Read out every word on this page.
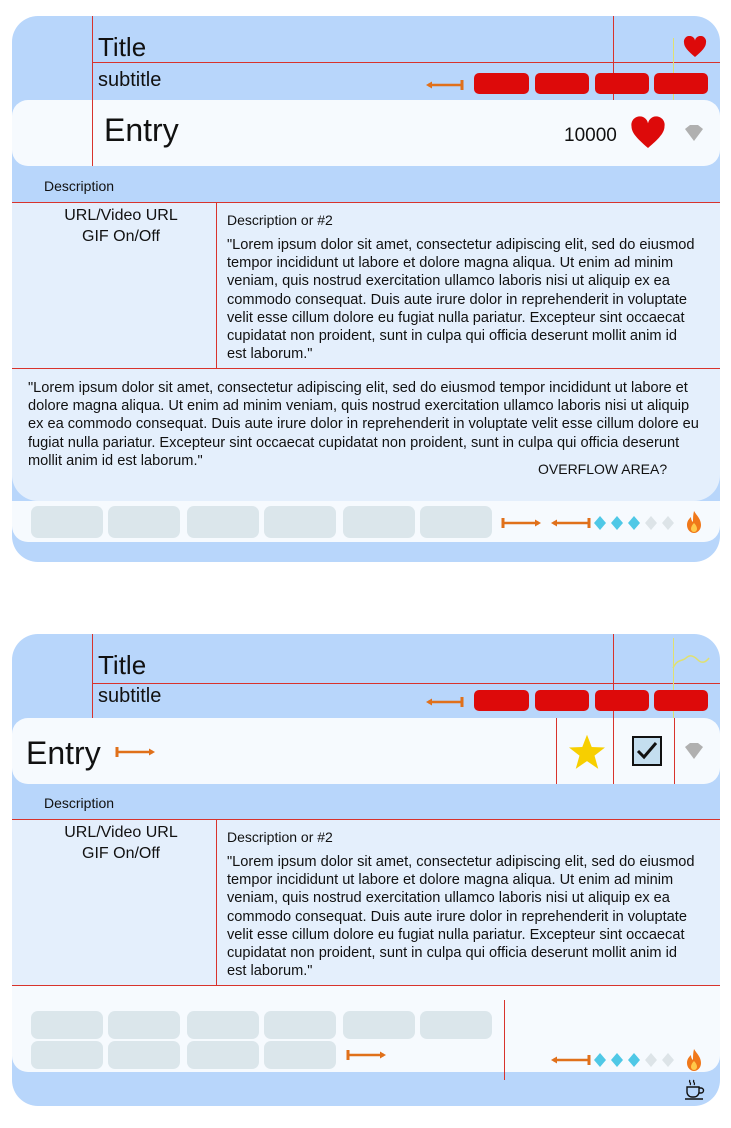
Title
subtitle
Entry	10000
Description
URL/Video URL
GIF On/Off
Description or #2
"Lorem ipsum dolor sit amet, consectetur adipiscing elit, sed do eiusmod tempor incididunt ut labore et dolore magna aliqua. Ut enim ad minim veniam, quis nostrud exercitation ullamco laboris nisi ut aliquip ex ea commodo consequat. Duis aute irure dolor in reprehenderit in voluptate velit esse cillum dolore eu fugiat nulla pariatur. Excepteur sint occaecat cupidatat non proident, sunt in culpa qui officia deserunt mollit anim id est laborum."
"Lorem ipsum dolor sit amet, consectetur adipiscing elit, sed do eiusmod tempor incididunt ut labore et dolore magna aliqua. Ut enim ad minim veniam, quis nostrud exercitation ullamco laboris nisi ut aliquip ex ea commodo consequat. Duis aute irure dolor in reprehenderit in voluptate velit esse cillum dolore eu fugiat nulla pariatur. Excepteur sint occaecat cupidatat non proident, sunt in culpa qui officia deserunt mollit anim id est laborum."
OVERFLOW AREA?
Title
subtitle
Entry
Description
URL/Video URL
GIF On/Off
Description or #2
"Lorem ipsum dolor sit amet, consectetur adipiscing elit, sed do eiusmod tempor incididunt ut labore et dolore magna aliqua. Ut enim ad minim veniam, quis nostrud exercitation ullamco laboris nisi ut aliquip ex ea commodo consequat. Duis aute irure dolor in reprehenderit in voluptate velit esse cillum dolore eu fugiat nulla pariatur. Excepteur sint occaecat cupidatat non proident, sunt in culpa qui officia deserunt mollit anim id est laborum."
